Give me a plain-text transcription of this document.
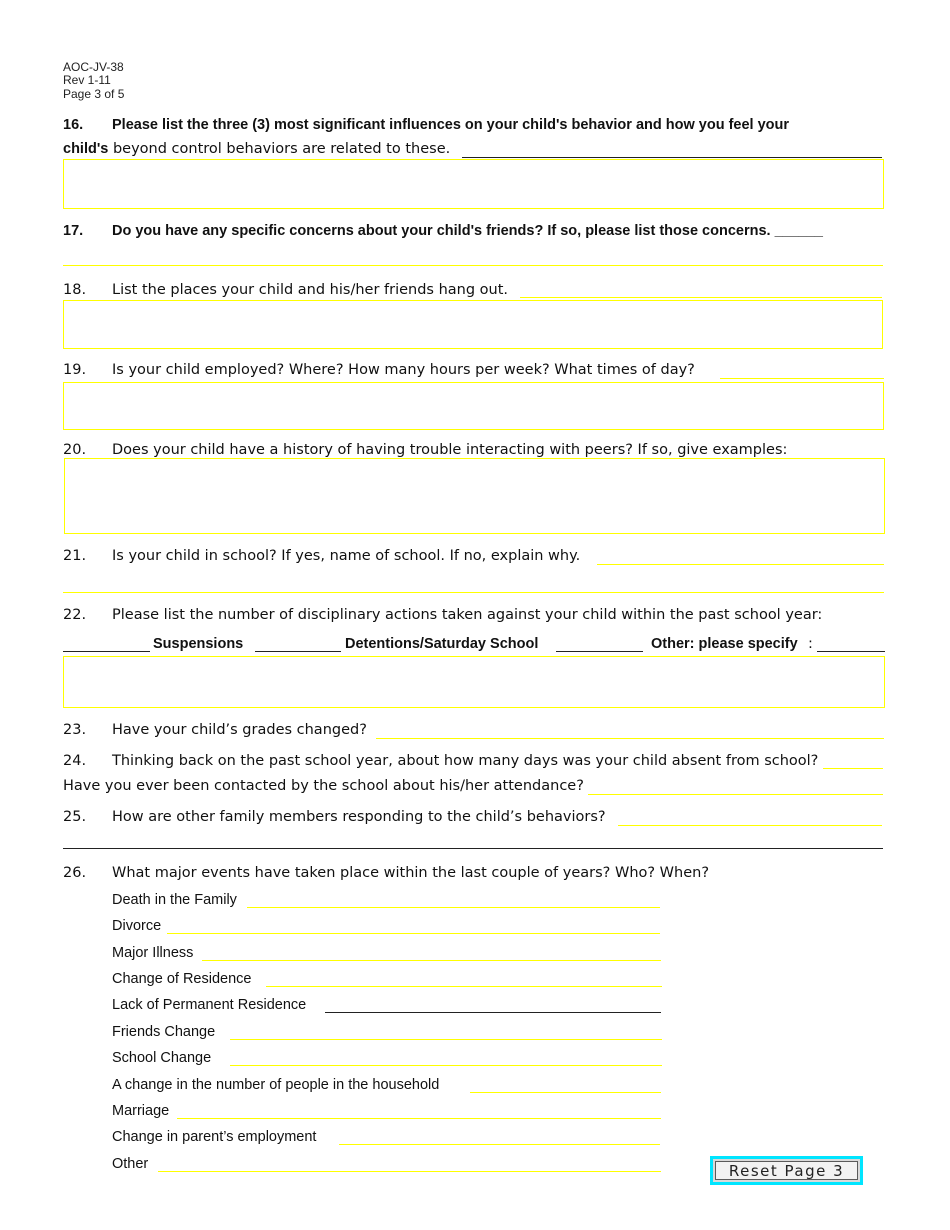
AOC-JV-38
Rev 1-11
Page 3 of 5
16. Please list the three (3) most significant influences on your child's behavior and how you feel your
child's beyond control behaviors are related to these.
17. Do you have any specific concerns about your child's friends? If so, please list those concerns. ______
18. List the places your child and his/her friends hang out.
19. Is your child employed? Where? How many hours per week? What times of day?
20. Does your child have a history of having trouble interacting with peers? If so, give examples:
21. Is your child in school? If yes, name of school. If no, explain why.
22. Please list the number of disciplinary actions taken against your child within the past school year:
Suspensions	Detentions/Saturday School	Other: please specify :
23. Have your child’s grades changed?
24. Thinking back on the past school year, about how many days was your child absent from school?
Have you ever been contacted by the school about his/her attendance?
25. How are other family members responding to the child’s behaviors?
26. What major events have taken place within the last couple of years? Who? When?
Death in the Family
Divorce
Major Illness
Change of Residence
Lack of Permanent Residence
Friends Change
School Change
A change in the number of people in the household
Marriage
Change in parent’s employment
Other	Reset Page 3
